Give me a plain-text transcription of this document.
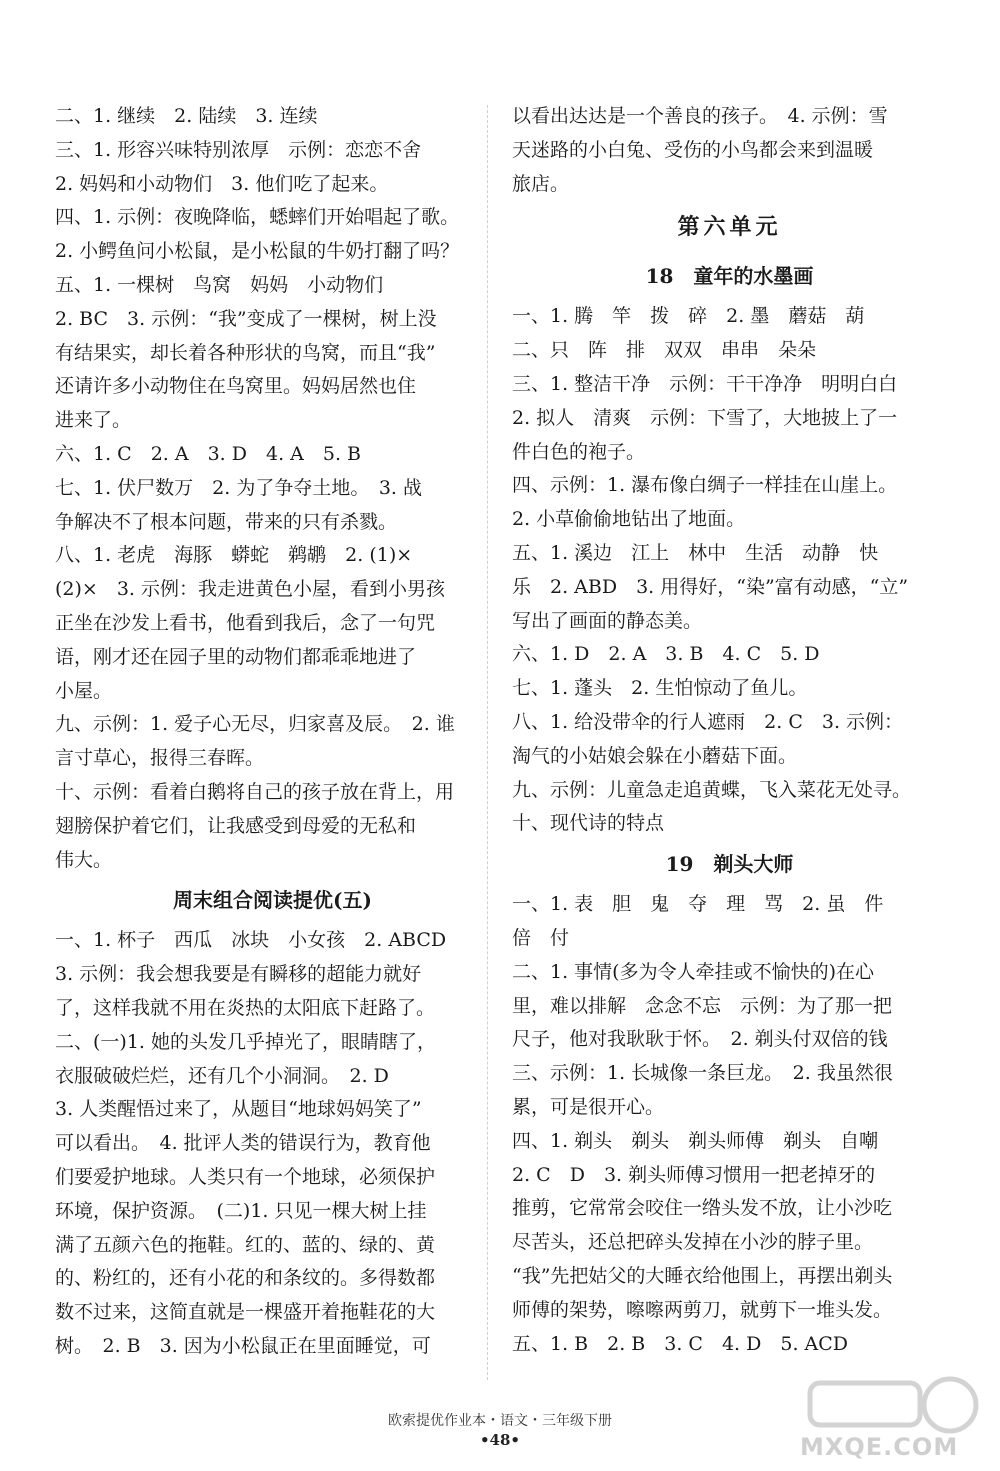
二、1. 继续　2. 陆续　3. 连续
三、1. 形容兴味特别浓厚　示例：恋恋不舍
2. 妈妈和小动物们　3. 他们吃了起来。
四、1. 示例：夜晚降临，蟋蟀们开始唱起了歌。
2. 小鳄鱼问小松鼠，是小松鼠的牛奶打翻了吗？
五、1. 一棵树　鸟窝　妈妈　小动物们
2. BC　3. 示例：“我”变成了一棵树，树上没
有结果实，却长着各种形状的鸟窝，而且“我”
还请许多小动物住在鸟窝里。妈妈居然也住
进来了。
六、1. C　2. A　3. D　4. A　5. B
七、1. 伏尸数万　2. 为了争夺土地。　3. 战
争解决不了根本问题，带来的只有杀戮。
八、1. 老虎　海豚　蟒蛇　鹈鹕　2. (1)×
(2)×　3. 示例：我走进黄色小屋，看到小男孩
正坐在沙发上看书，他看到我后，念了一句咒
语，刚才还在园子里的动物们都乖乖地进了
小屋。
九、示例：1. 爱子心无尽，归家喜及辰。　2. 谁
言寸草心，报得三春晖。
十、示例：看着白鹅将自己的孩子放在背上，用
翅膀保护着它们，让我感受到母爱的无私和
伟大。
周末组合阅读提优(五)
一、1. 杯子　西瓜　冰块　小女孩　2. ABCD
3. 示例：我会想我要是有瞬移的超能力就好
了，这样我就不用在炎热的太阳底下赶路了。
二、(一)1. 她的头发几乎掉光了，眼睛瞎了，
衣服破破烂烂，还有几个小洞洞。　2. D
3. 人类醒悟过来了，从题目“地球妈妈笑了”
可以看出。　4. 批评人类的错误行为，教育他
们要爱护地球。人类只有一个地球，必须保护
环境，保护资源。　(二)1. 只见一棵大树上挂
满了五颜六色的拖鞋。红的、蓝的、绿的、黄
的、粉红的，还有小花的和条纹的。多得数都
数不过来，这简直就是一棵盛开着拖鞋花的大
树。　2. B　3. 因为小松鼠正在里面睡觉，可
以看出达达是一个善良的孩子。　4. 示例：雪
天迷路的小白兔、受伤的小鸟都会来到温暖
旅店。
第六单元
18　童年的水墨画
一、1. 腾　竿　拨　碎　2. 墨　蘑菇　葫
二、只　阵　排　双双　串串　朵朵
三、1. 整洁干净　示例：干干净净　明明白白
2. 拟人　清爽　示例：下雪了，大地披上了一
件白色的袍子。
四、示例：1. 瀑布像白绸子一样挂在山崖上。
2. 小草偷偷地钻出了地面。
五、1. 溪边　江上　林中　生活　动静　快
乐　2. ABD　3. 用得好，“染”富有动感，“立”
写出了画面的静态美。
六、1. D　2. A　3. B　4. C　5. D
七、1. 蓬头　2. 生怕惊动了鱼儿。
八、1. 给没带伞的行人遮雨　2. C　3. 示例：
淘气的小姑娘会躲在小蘑菇下面。
九、示例：儿童急走追黄蝶，飞入菜花无处寻。
十、现代诗的特点
19　剃头大师
一、1. 表　胆　鬼　夺　理　骂　2. 虽　件
倍　付
二、1. 事情(多为令人牵挂或不愉快的)在心
里，难以排解　念念不忘　示例：为了那一把
尺子，他对我耿耿于怀。　2. 剃头付双倍的钱
三、示例：1. 长城像一条巨龙。　2. 我虽然很
累，可是很开心。
四、1. 剃头　剃头　剃头师傅　剃头　自嘲
2. C　D　3. 剃头师傅习惯用一把老掉牙的
推剪，它常常会咬住一绺头发不放，让小沙吃
尽苦头，还总把碎头发掉在小沙的脖子里。
“我”先把姑父的大睡衣给他围上，再摆出剃头
师傅的架势，嚓嚓两剪刀，就剪下一堆头发。
五、1. B　2. B　3. C　4. D　5. ACD
欧索提优作业本・语文・三年级下册
•48•	MXQE.COM
